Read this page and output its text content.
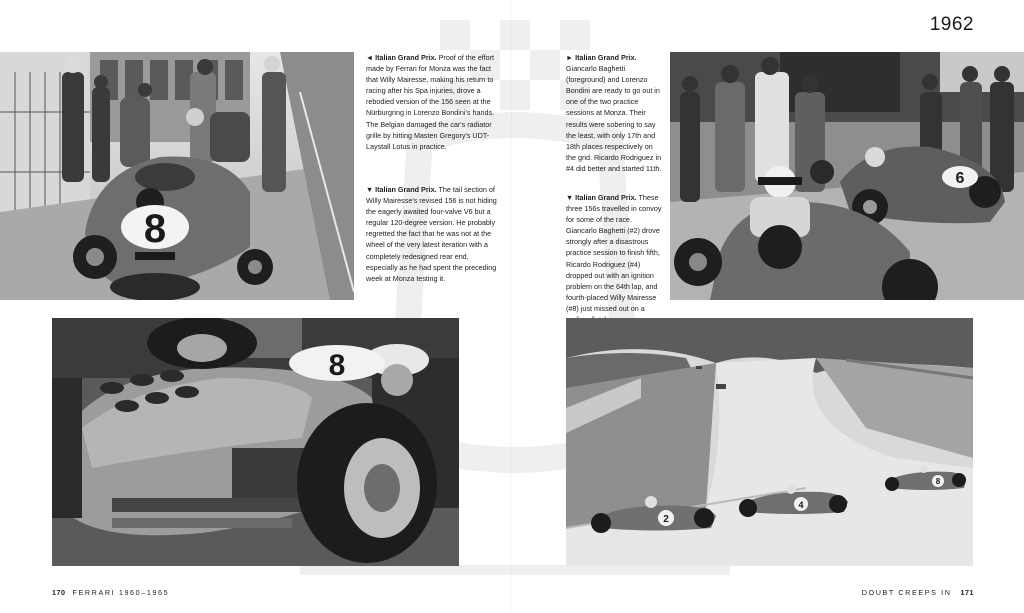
1962
8

◄ Italian Grand Prix. Proof of the effort made by Ferrari for Monza was the fact that Willy Mairesse, making his return to racing after his Spa injuries, drove a rebodied version of the 156 seen at the Nürburgring in Lorenzo Bondini's hands. The Belgian damaged the car's radiator grille by hitting Masten Gregory's UDT-Laystall Lotus in practice.

▼ Italian Grand Prix. The tail section of Willy Mairesse's revised 156 is not hiding the eagerly awaited four-valve V6 but a regular 120-degree version. He probably regretted the fact that he was not at the wheel of the very latest iteration with a completely redesigned rear end, especially as he had spent the preceding week at Monza testing it.

► Italian Grand Prix. Giancarlo Baghetti (foreground) and Lorenzo Bondini are ready to go out in one of the two practice sessions at Monza. Their results were sobering to say the least, with only 17th and 18th places respectively on the grid. Ricardo Rodriguez in #4 did better and started 11th.

▼ Italian Grand Prix. These three 156s travelled in convoy for some of the race. Giancarlo Baghetti (#2) drove strongly after a disastrous practice session to finish fifth, Ricardo Rodriguez (#4) dropped out with an ignition problem on the 64th lap, and fourth-placed Willy Mairesse (#8) just missed out on a

6
8
2
4
8
170 FERRARI 1960–1965	DOUBT CREEPS IN 171
